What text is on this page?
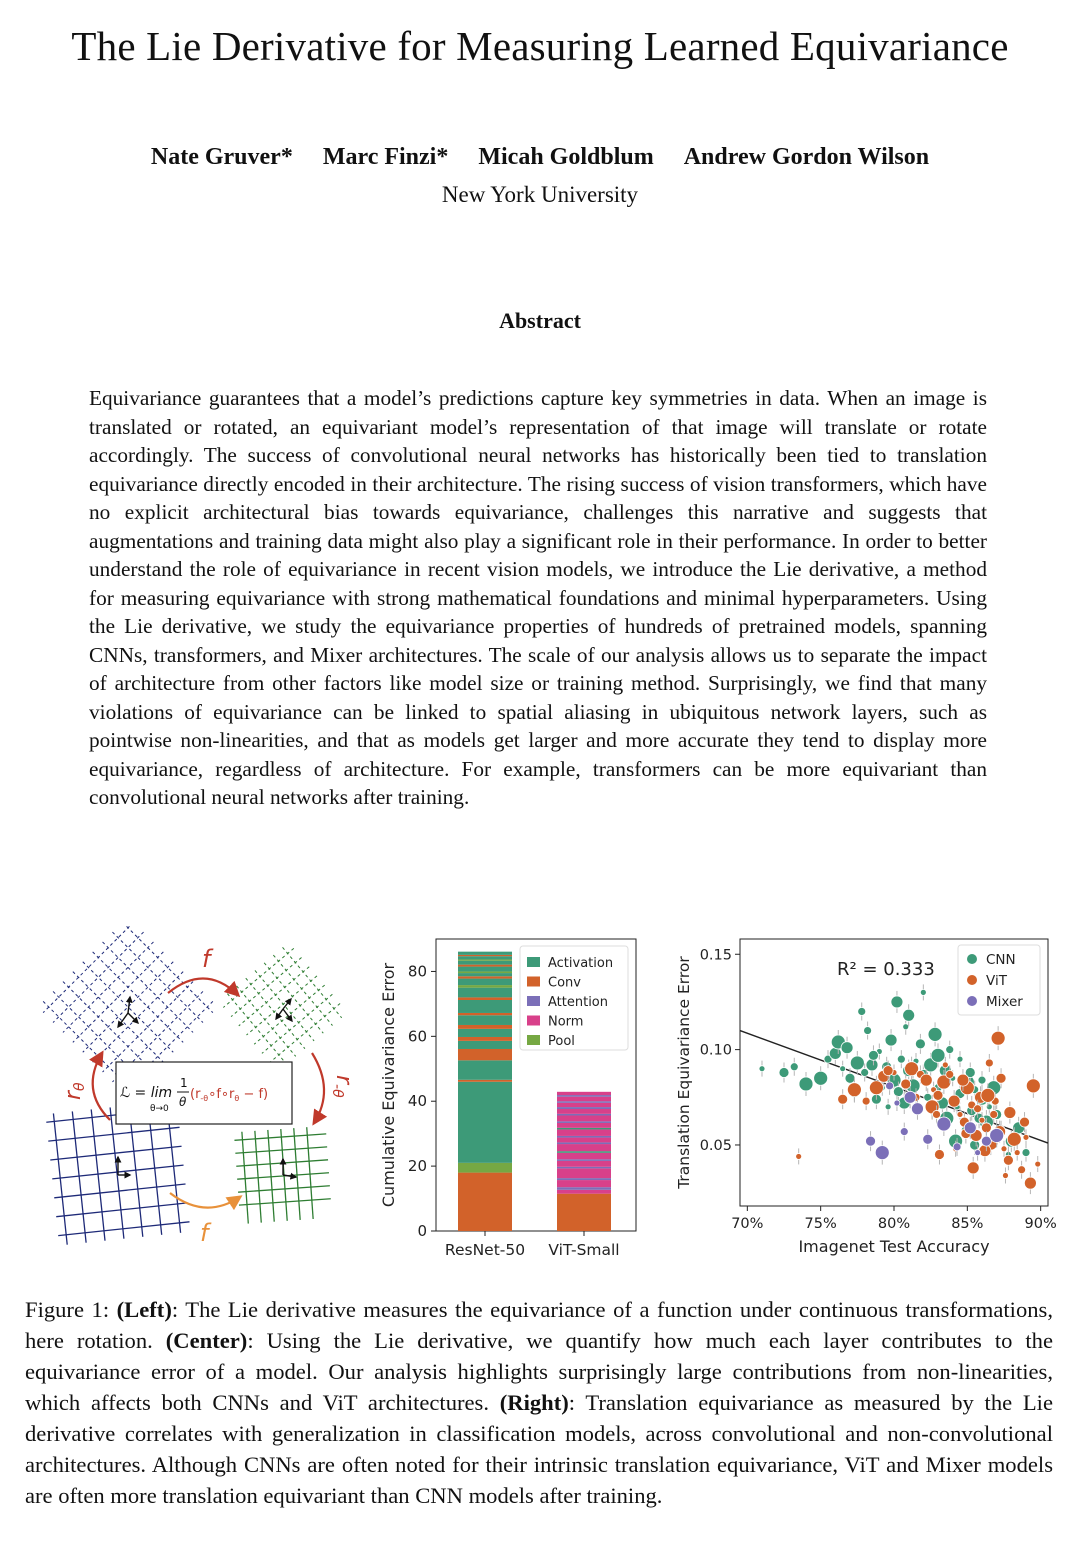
The Lie Derivative for Measuring Learned Equivariance
Nate Gruver* Marc Finzi* Micah Goldblum Andrew Gordon Wilson
New York University
Abstract
Equivariance guarantees that a model’s predictions capture key symmetries in data. When an image is translated or rotated, an equivariant model’s representation of that image will translate or rotate accordingly. The success of convolutional neural networks has historically been tied to translation equivariance directly encoded in their architecture. The rising success of vision transformers, which have no explicit architectural bias towards equivariance, challenges this narrative and suggests that augmentations and training data might also play a significant role in their performance. In order to better understand the role of equivariance in recent vision models, we introduce the Lie derivative, a method for measuring equivariance with strong mathematical foundations and minimal hyperparameters. Using the Lie derivative, we study the equivariance properties of hundreds of pretrained models, spanning CNNs, transformers, and Mixer architectures. The scale of our analysis allows us to separate the impact of architecture from other factors like model size or training method. Surprisingly, we find that many violations of equivariance can be linked to spatial aliasing in ubiquitous network layers, such as pointwise non-linearities, and that as models get larger and more accurate they tend to display more equivariance, regardless of architecture. For example, transformers can be more equivariant than convolutional neural networks after training.
f
f
rθ
r-θ
ℒ = lim
θ→0
1
θ $(r_{-\theta}\circ f\circ r_\theta - f)$
0
20
40
60
80
Cumulative Equivariance Error
ResNet-50 ViT-Small
Activation
Conv
Attention
Norm
Pool
70%	75%	80%	85%	90%
0.05
0.10
0.15
Imagenet Test Accuracy
Translation Equivariance Error	R² = 0.333	CNN
ViT
Mixer
Figure 1: (Left): The Lie derivative measures the equivariance of a function under continuous transformations, here rotation. (Center): Using the Lie derivative, we quantify how much each layer contributes to the equivariance error of a model. Our analysis highlights surprisingly large contributions from non-linearities, which affects both CNNs and ViT architectures. (Right): Translation equivariance as measured by the Lie derivative correlates with generalization in classification models, across convolutional and non-convolutional architectures. Although CNNs are often noted for their intrinsic translation equivariance, ViT and Mixer models are often more translation equivariant than CNN models after training.
